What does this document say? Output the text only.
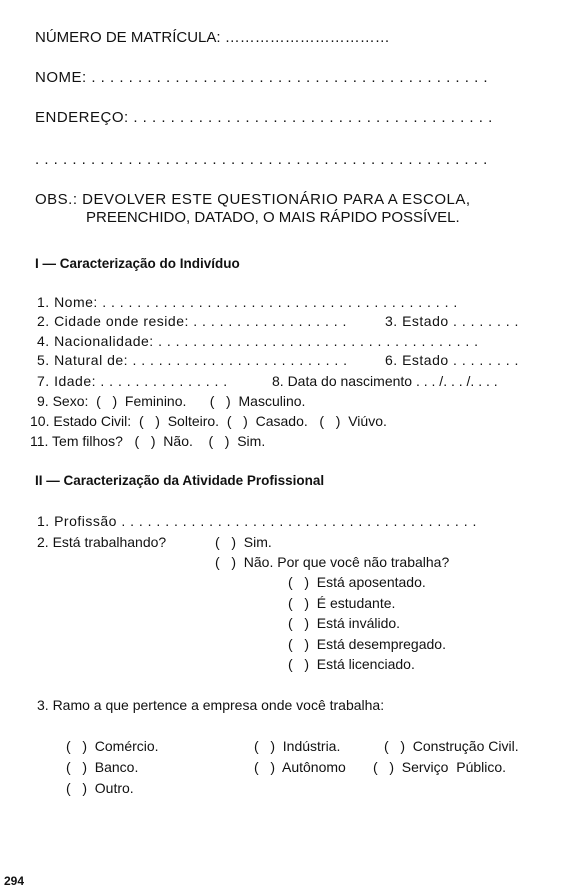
NÚMERO DE MATRÍCULA: ……………………………
NOME: . . . . . . . . . . . . . . . . . . . . . . . . . . . . . . . . . . . . . . . . . . .
ENDEREÇO: . . . . . . . . . . . . . . . . . . . . . . . . . . . . . . . . . . . . . . .
. . . . . . . . . . . . . . . . . . . . . . . . . . . . . . . . . . . . . . . . . . . . . . . . .
OBS.: DEVOLVER ESTE QUESTIONÁRIO PARA A ESCOLA,
PREENCHIDO, DATADO, O MAIS RÁPIDO POSSÍVEL.
I — Caracterização do Indivíduo
1. Nome: . . . . . . . . . . . . . . . . . . . . . . . . . . . . . . . . . . . . . . . . .
2. Cidade onde reside: . . . . . . . . . . . . . . . . . .	3. Estado . . . . . . . .
4. Nacionalidade: . . . . . . . . . . . . . . . . . . . . . . . . . . . . . . . . . . . . .
5. Natural de: . . . . . . . . . . . . . . . . . . . . . . . . .	6. Estado . . . . . . . .
7. Idade: . . . . . . . . . . . . . . .	8. Data do nascimento . . . /. . . /. . . .
9. Sexo:  (   )  Feminino.      (   )  Masculino.
10. Estado Civil:  (   )  Solteiro.  (   )  Casado.   (   )  Viúvo.
11. Tem filhos?   (   )  Não.    (   )  Sim.
II — Caracterização da Atividade Profissional
1. Profissão . . . . . . . . . . . . . . . . . . . . . . . . . . . . . . . . . . . . . . . . .
2. Está trabalhando?	(   )  Sim.
(   )  Não. Por que você não trabalha?
(   )  Está aposentado.
(   )  É estudante.
(   )  Está inválido.
(   )  Está desempregado.
(   )  Está licenciado.
3. Ramo a que pertence a empresa onde você trabalha:
(   )  Comércio.	(   )  Indústria.	(   )  Construção Civil.
(   )  Banco.	(   )  Autônomo (   )  Serviço  Público.
(   )  Outro.
294
